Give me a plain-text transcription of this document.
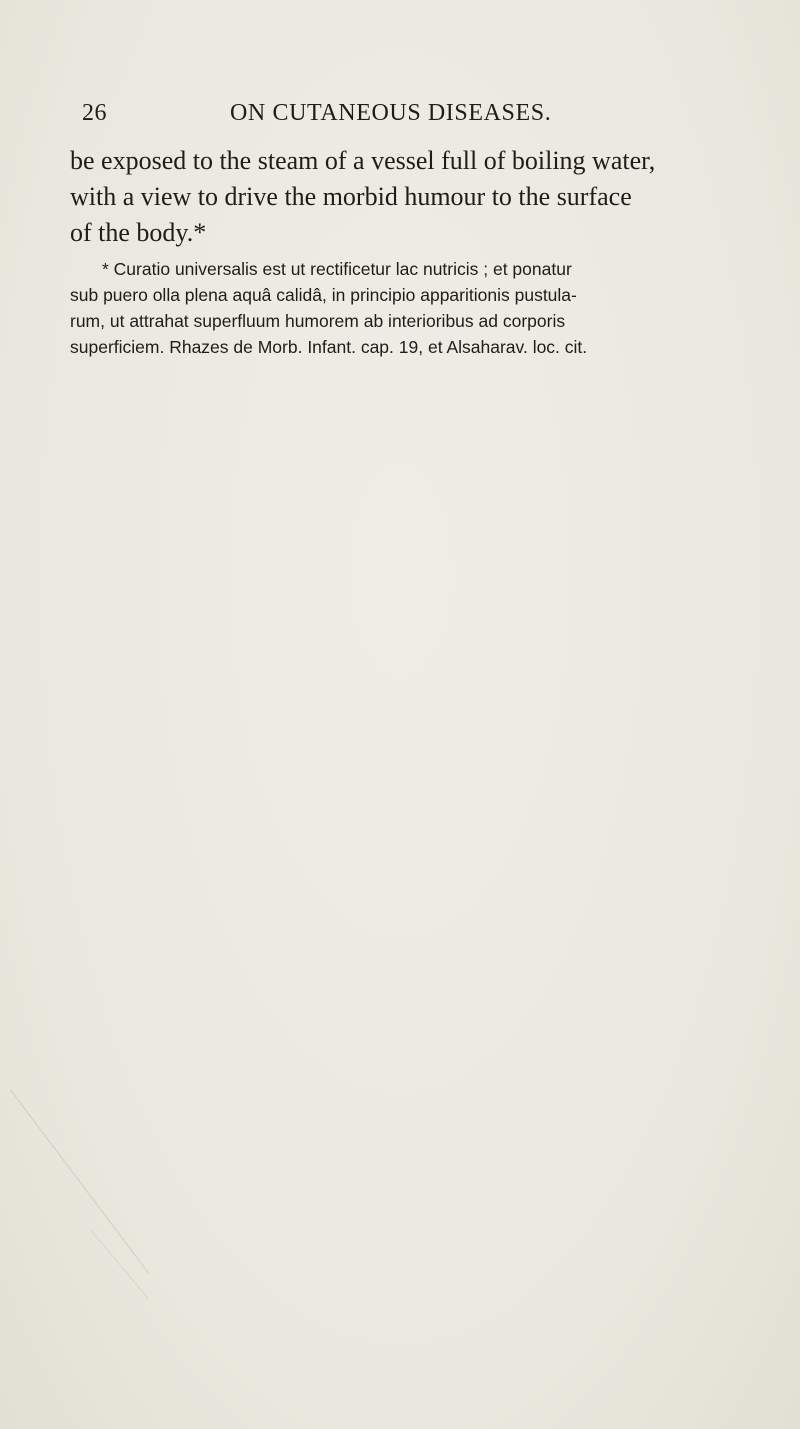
26	ON CUTANEOUS DISEASES.
be exposed to the steam of a vessel full of boiling water,
with a view to drive the morbid humour to the surface
of the body.*
* Curatio universalis est ut rectificetur lac nutricis ; et ponatur
sub puero olla plena aquâ calidâ, in principio apparitionis pustula-
rum, ut attrahat superfluum humorem ab interioribus ad corporis
superficiem. Rhazes de Morb. Infant. cap. 19, et Alsaharav. loc. cit.
